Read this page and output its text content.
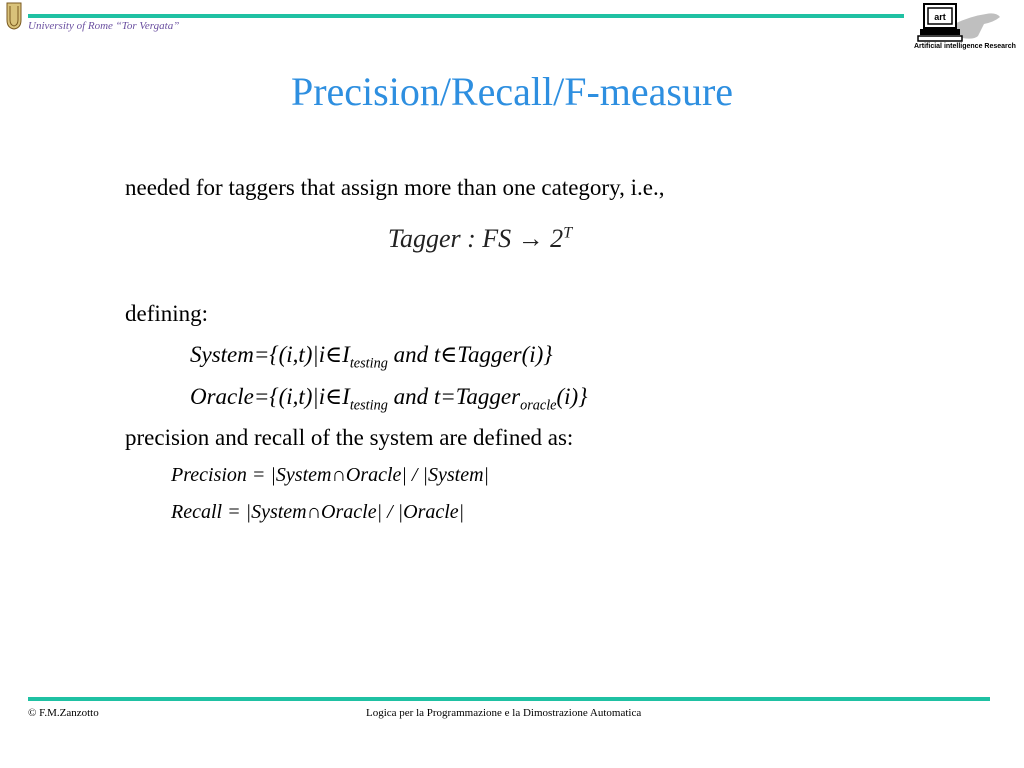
University of Rome “Tor Vergata”
art
Artificial intelligence Research
Precision/Recall/F-measure
needed for taggers that assign more than one category, i.e.,
Tagger : FS → $2^T$
defining:
$System=\{(i,t)|i\in I_{testing}$ and t∈Tagger(i)}
$Oracle=\{(i,t)|i\in I_{testing}$ and t=Tagger$_{oracle}$(i)}
precision and recall of the system are defined as:
Precision = |System∩Oracle| / |System|
Recall = |System∩Oracle| / |Oracle|
© F.M.Zanzotto	Logica per la Programmazione e la Dimostrazione Automatica
